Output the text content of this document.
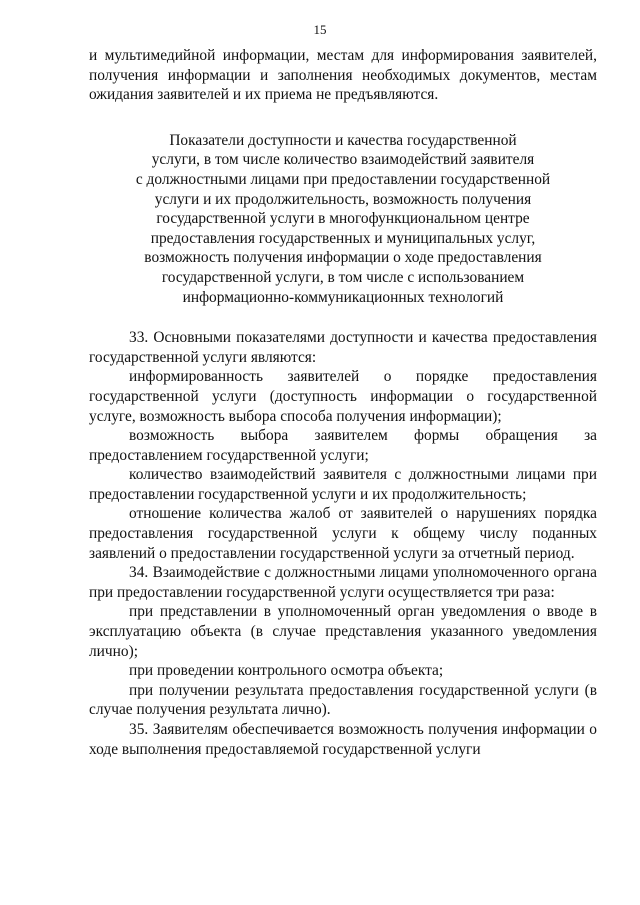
15

и мультимедийной информации, местам для информирования заявителей, получения информации и заполнения необходимых документов, местам ожидания заявителей и их приема не предъявляются.

Показатели доступности и качества государственной
услуги, в том числе количество взаимодействий заявителя
с должностными лицами при предоставлении государственной
услуги и их продолжительность, возможность получения
государственной услуги в многофункциональном центре
предоставления государственных и муниципальных услуг,
возможность получения информации о ходе предоставления
государственной услуги, в том числе с использованием
информационно-коммуникационных технологий

33. Основными показателями доступности и качества предоставления государственной услуги являются:

информированность заявителей о порядке предоставления государственной услуги (доступность информации о государственной услуге, возможность выбора способа получения информации);

возможность выбора заявителем формы обращения за предоставлением государственной услуги;

количество взаимодействий заявителя с должностными лицами при предоставлении государственной услуги и их продолжительность;

отношение количества жалоб от заявителей о нарушениях порядка предоставления государственной услуги к общему числу поданных заявлений о предоставлении государственной услуги за отчетный период.

34. Взаимодействие с должностными лицами уполномоченного органа при предоставлении государственной услуги осуществляется три раза:

при представлении в уполномоченный орган уведомления о вводе в эксплуатацию объекта (в случае представления указанного уведомления лично);

при проведении контрольного осмотра объекта;

при получении результата предоставления государственной услуги (в случае получения результата лично).

35. Заявителям обеспечивается возможность получения информации о ходе выполнения предоставляемой государственной услуги
